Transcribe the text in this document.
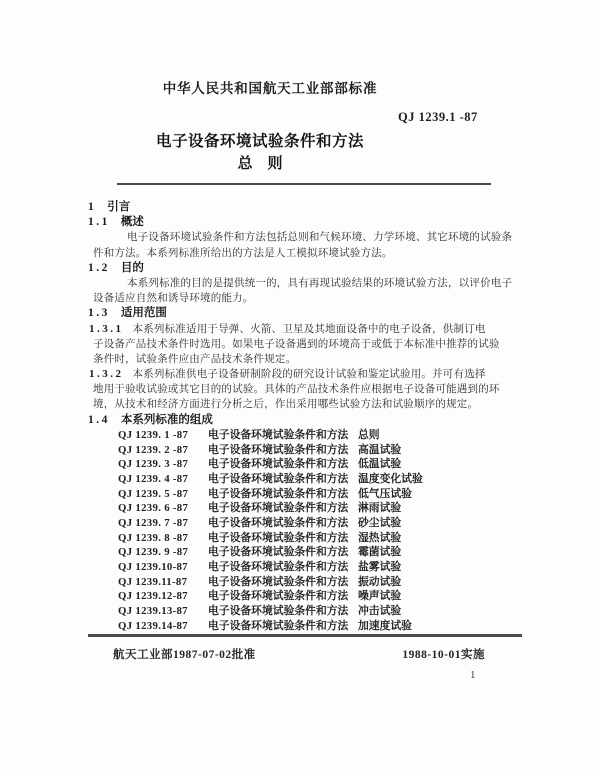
中华人民共和国航天工业部部标准
QJ 1239.1 -87
电子设备环境试验条件和方法
总　则
1 引言
1.1 概述
电子设备环境试验条件和方法包括总则和气候环境、力学环境、其它环境的试验条
件和方法。本系列标准所给出的方法是人工模拟环境试验方法。
1.2 目的
本系列标准的目的是提供统一的，具有再现试验结果的环境试验方法，以评价电子
设备适应自然和诱导环境的能力。
1.3 适用范围
1.3.1 本系列标准适用于导弹、火箭、卫星及其地面设备中的电子设备，供制订电
子设备产品技术条件时选用。如果电子设备遇到的环境高于或低于本标准中推荐的试验
条件时，试验条件应由产品技术条件规定。
1.3.2 本系列标准供电子设备研制阶段的研究设计试验和鉴定试验用。并可有选择
地用于验收试验或其它目的的试验。具体的产品技术条件应根据电子设备可能遇到的环
境，从技术和经济方面进行分析之后，作出采用哪些试验方法和试验顺序的规定。
1.4 本系列标准的组成
QJ 1239. 1 -87	电子设备环境试验条件和方法 总则
QJ 1239. 2 -87	电子设备环境试验条件和方法 高温试验
QJ 1239. 3 -87	电子设备环境试验条件和方法 低温试验
QJ 1239. 4 -87	电子设备环境试验条件和方法 温度变化试验
QJ 1239. 5 -87	电子设备环境试验条件和方法 低气压试验
QJ 1239. 6 -87	电子设备环境试验条件和方法 淋雨试验
QJ 1239. 7 -87	电子设备环境试验条件和方法 砂尘试验
QJ 1239. 8 -87	电子设备环境试验条件和方法 湿热试验
QJ 1239. 9 -87	电子设备环境试验条件和方法 霉菌试验
QJ 1239.10-87	电子设备环境试验条件和方法 盐雾试验
QJ 1239.11-87	电子设备环境试验条件和方法 振动试验
QJ 1239.12-87	电子设备环境试验条件和方法 噪声试验
QJ 1239.13-87	电子设备环境试验条件和方法 冲击试验
QJ 1239.14-87	电子设备环境试验条件和方法 加速度试验
航天工业部1987-07-02批准	1988-10-01实施
1
